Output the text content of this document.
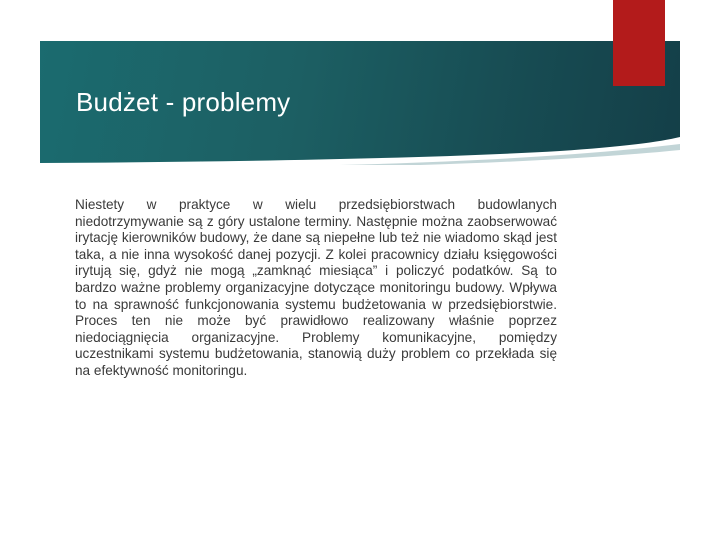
Budżet - problemy

Niestety w praktyce w wielu przedsiębiorstwach budowlanych niedotrzymywanie są z góry ustalone terminy. Następnie można zaobserwować irytację kierowników budowy, że dane są niepełne lub też nie wiadomo skąd jest taka, a nie inna wysokość danej pozycji. Z kolei pracownicy działu księgowości irytują się, gdyż nie mogą „zamknąć miesiąca” i policzyć podatków. Są to bardzo ważne problemy organizacyjne dotyczące monitoringu budowy. Wpływa to na sprawność funkcjonowania systemu budżetowania w przedsiębiorstwie. Proces ten nie może być prawidłowo realizowany właśnie poprzez niedociągnięcia organizacyjne. Problemy komunikacyjne, pomiędzy uczestnikami systemu budżetowania, stanowią duży problem co przekłada się na efektywność monitoringu.
